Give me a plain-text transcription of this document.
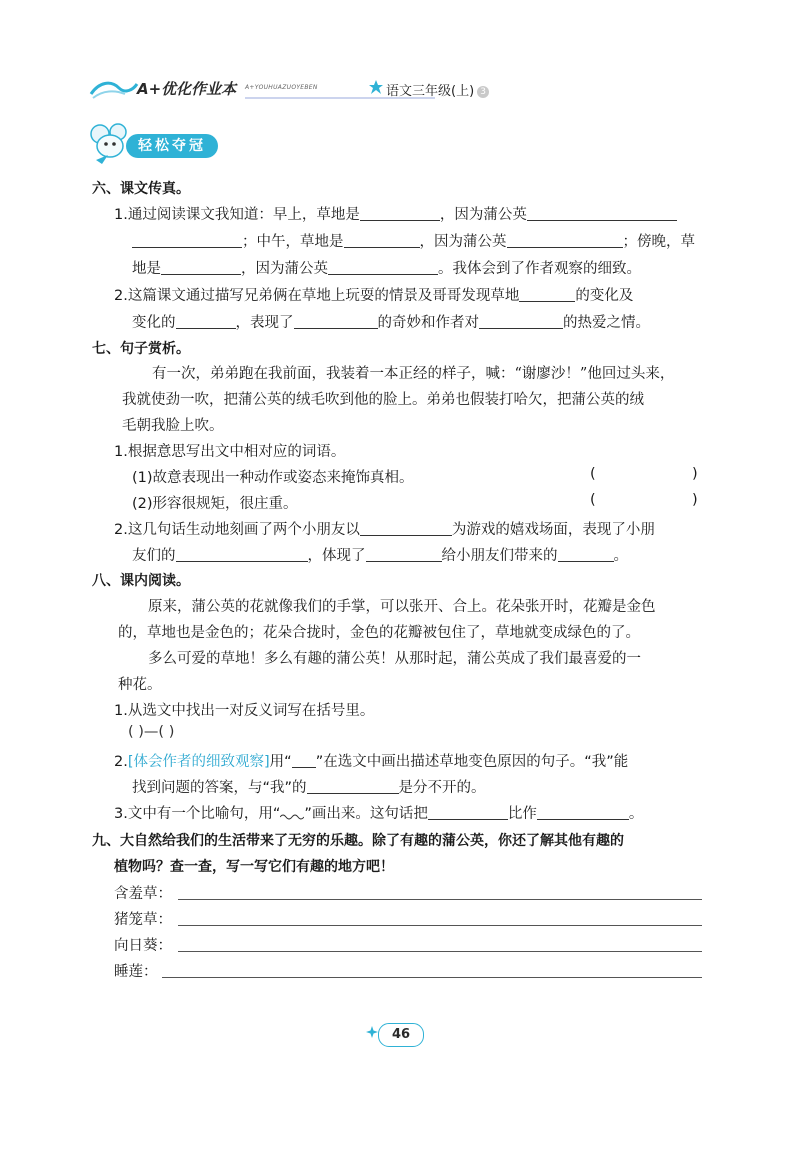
A+优化作业本 A+YOUHUAZUOYEBEN	语文三年级(上) 3
轻松夺冠
六、课文传真。
1.通过阅读课文我知道：早上，草地是	，因为蒲公英
；中午，草地是	，因为蒲公英	；傍晚，草
地是	，因为蒲公英	。我体会到了作者观察的细致。
2.这篇课文通过描写兄弟俩在草地上玩耍的情景及哥哥发现草地	的变化及
变化的	，表现了	的奇妙和作者对	的热爱之情。
七、句子赏析。
有一次，弟弟跑在我前面，我装着一本正经的样子，喊：“谢廖沙！”他回过头来，
我就使劲一吹，把蒲公英的绒毛吹到他的脸上。弟弟也假装打哈欠，把蒲公英的绒
毛朝我脸上吹。
1.根据意思写出文中相对应的词语。
(1)故意表现出一种动作或姿态来掩饰真相。	(	)
(2)形容很规矩，很庄重。	(	)
2.这几句话生动地刻画了两个小朋友以	为游戏的嬉戏场面，表现了小朋
友们的	，体现了	给小朋友们带来的	。
八、课内阅读。
原来，蒲公英的花就像我们的手掌，可以张开、合上。花朵张开时，花瓣是金色
的，草地也是金色的；花朵合拢时，金色的花瓣被包住了，草地就变成绿色的了。
多么可爱的草地！多么有趣的蒲公英！从那时起，蒲公英成了我们最喜爱的一
种花。
1.从选文中找出一对反义词写在括号里。
( )—( )
2.[体会作者的细致观察]用“ ”在选文中画出描述草地变色原因的句子。“我”能
找到问题的答案，与“我”的	是分不开的。
3.文中有一个比喻句，用“ ”画出来。这句话把	比作	。
九、大自然给我们的生活带来了无穷的乐趣。除了有趣的蒲公英，你还了解其他有趣的
植物吗？查一查，写一写它们有趣的地方吧！
含羞草：
猪笼草：
向日葵：
睡莲：
46
